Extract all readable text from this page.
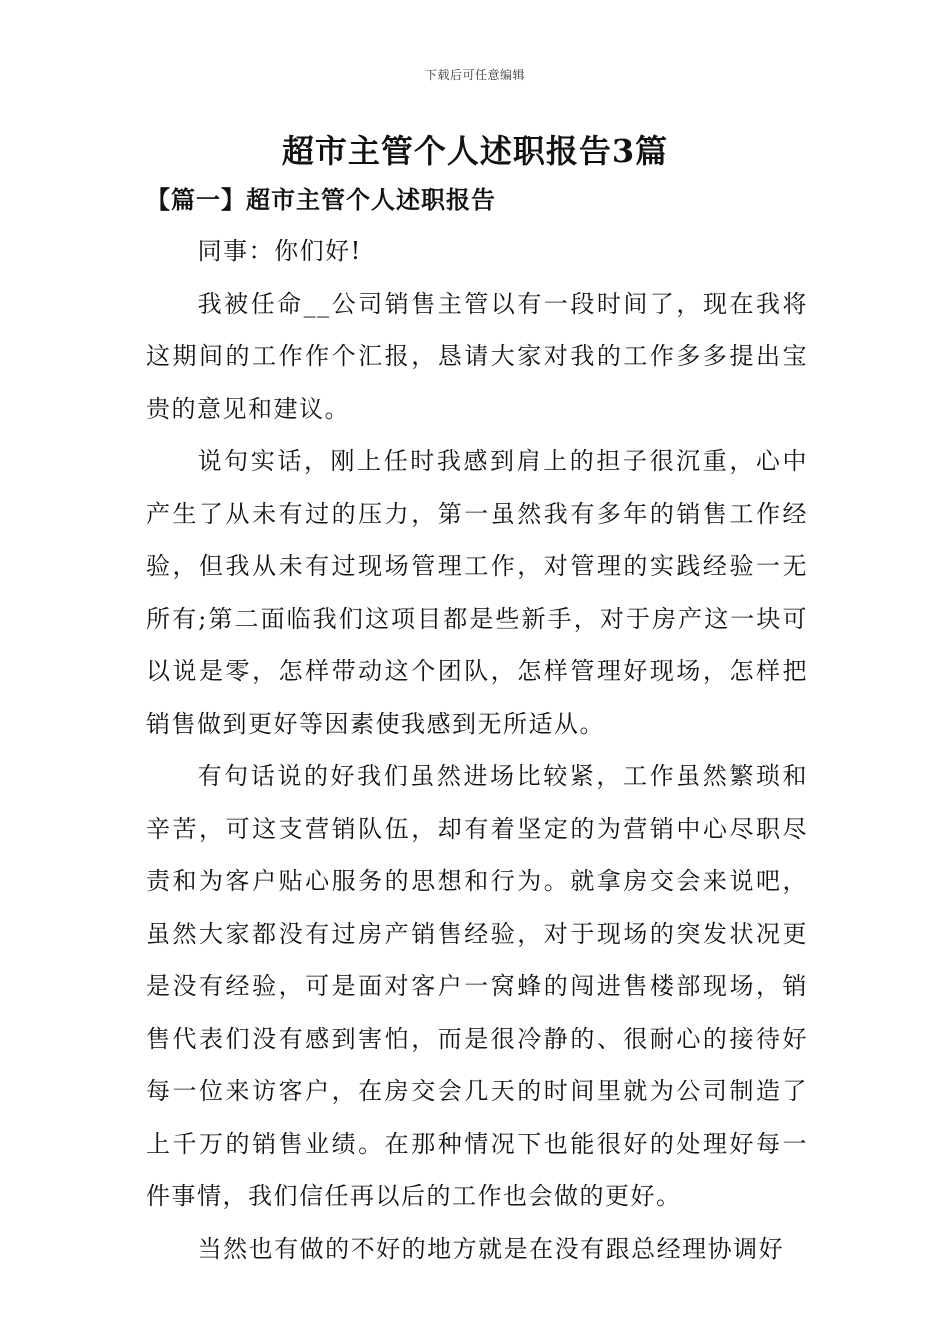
下载后可任意编辑
超市主管个人述职报告3篇
【篇一】超市主管个人述职报告

同事：你们好!

我被任命__公司销售主管以有一段时间了，现在我将这期间的工作作个汇报，恳请大家对我的工作多多提出宝贵的意见和建议。

说句实话，刚上任时我感到肩上的担子很沉重，心中产生了从未有过的压力，第一虽然我有多年的销售工作经验，但我从未有过现场管理工作，对管理的实践经验一无所有;第二面临我们这项目都是些新手，对于房产这一块可以说是零，怎样带动这个团队，怎样管理好现场，怎样把销售做到更好等因素使我感到无所适从。

有句话说的好我们虽然进场比较紧，工作虽然繁琐和辛苦，可这支营销队伍，却有着坚定的为营销中心尽职尽责和为客户贴心服务的思想和行为。就拿房交会来说吧，虽然大家都没有过房产销售经验，对于现场的突发状况更是没有经验，可是面对客户一窝蜂的闯进售楼部现场，销售代表们没有感到害怕，而是很冷静的、很耐心的接待好每一位来访客户，在房交会几天的时间里就为公司制造了上千万的销售业绩。在那种情况下也能很好的处理好每一件事情，我们信任再以后的工作也会做的更好。

当然也有做的不好的地方就是在没有跟总经理协调好
